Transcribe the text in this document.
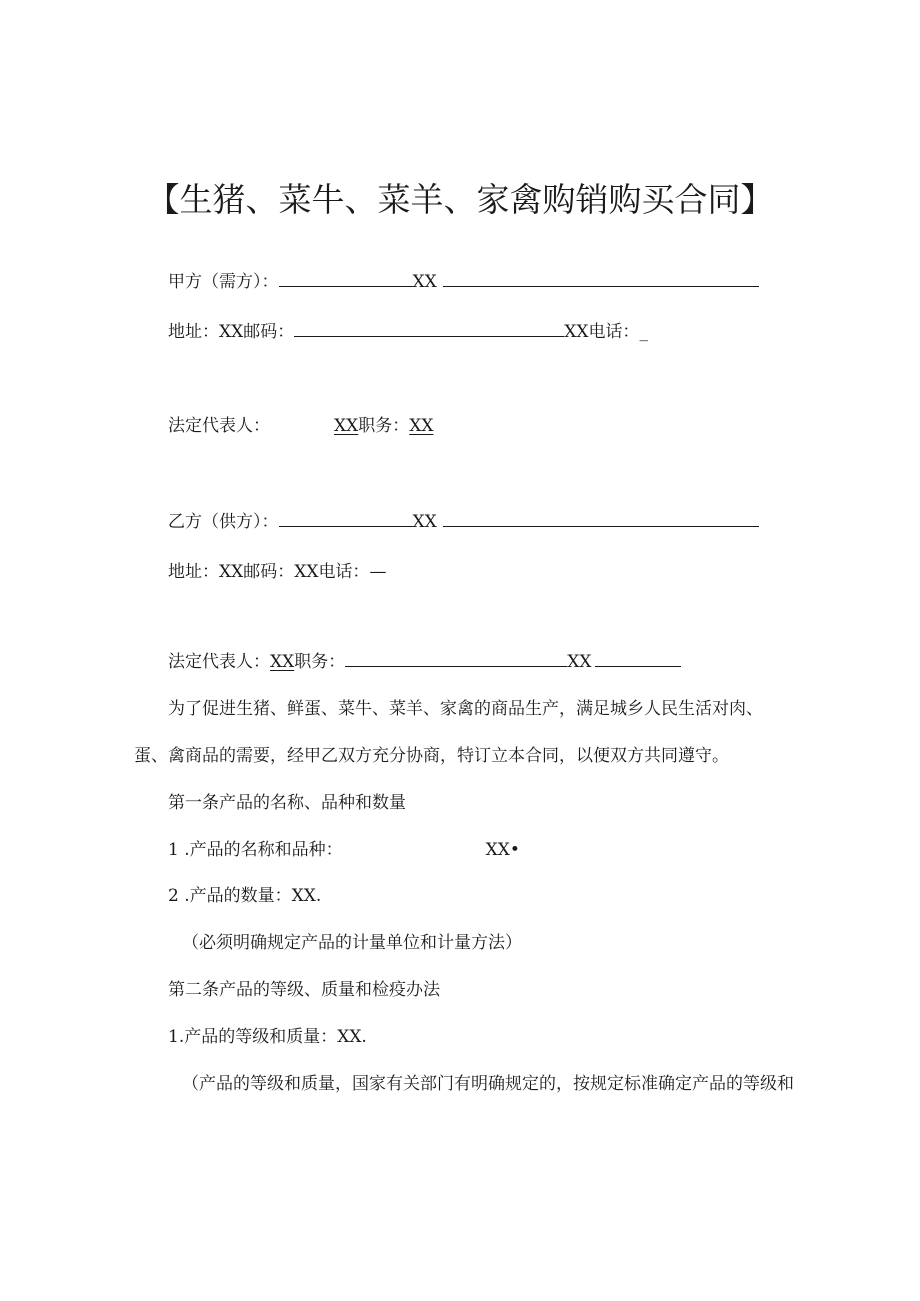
【生猪、菜牛、菜羊、家禽购销购买合同】
甲方（需方）：	XX
地址：XX邮码：	XX电话：_
法定代表人：	XX职务：XX
乙方（供方）：	XX
地址：XX邮码：XX电话：—
法定代表人：XX职务：	XX
为了促进生猪、鲜蛋、菜牛、菜羊、家禽的商品生产，满足城乡人民生活对肉、
蛋、禽商品的需要，经甲乙双方充分协商，特订立本合同，以便双方共同遵守。
第一条产品的名称、品种和数量
1 .产品的名称和品种：	XX•
2 .产品的数量：XX.
（必须明确规定产品的计量单位和计量方法）
第二条产品的等级、质量和检疫办法
1.产品的等级和质量：XX.
（产品的等级和质量，国家有关部门有明确规定的，按规定标准确定产品的等级和
